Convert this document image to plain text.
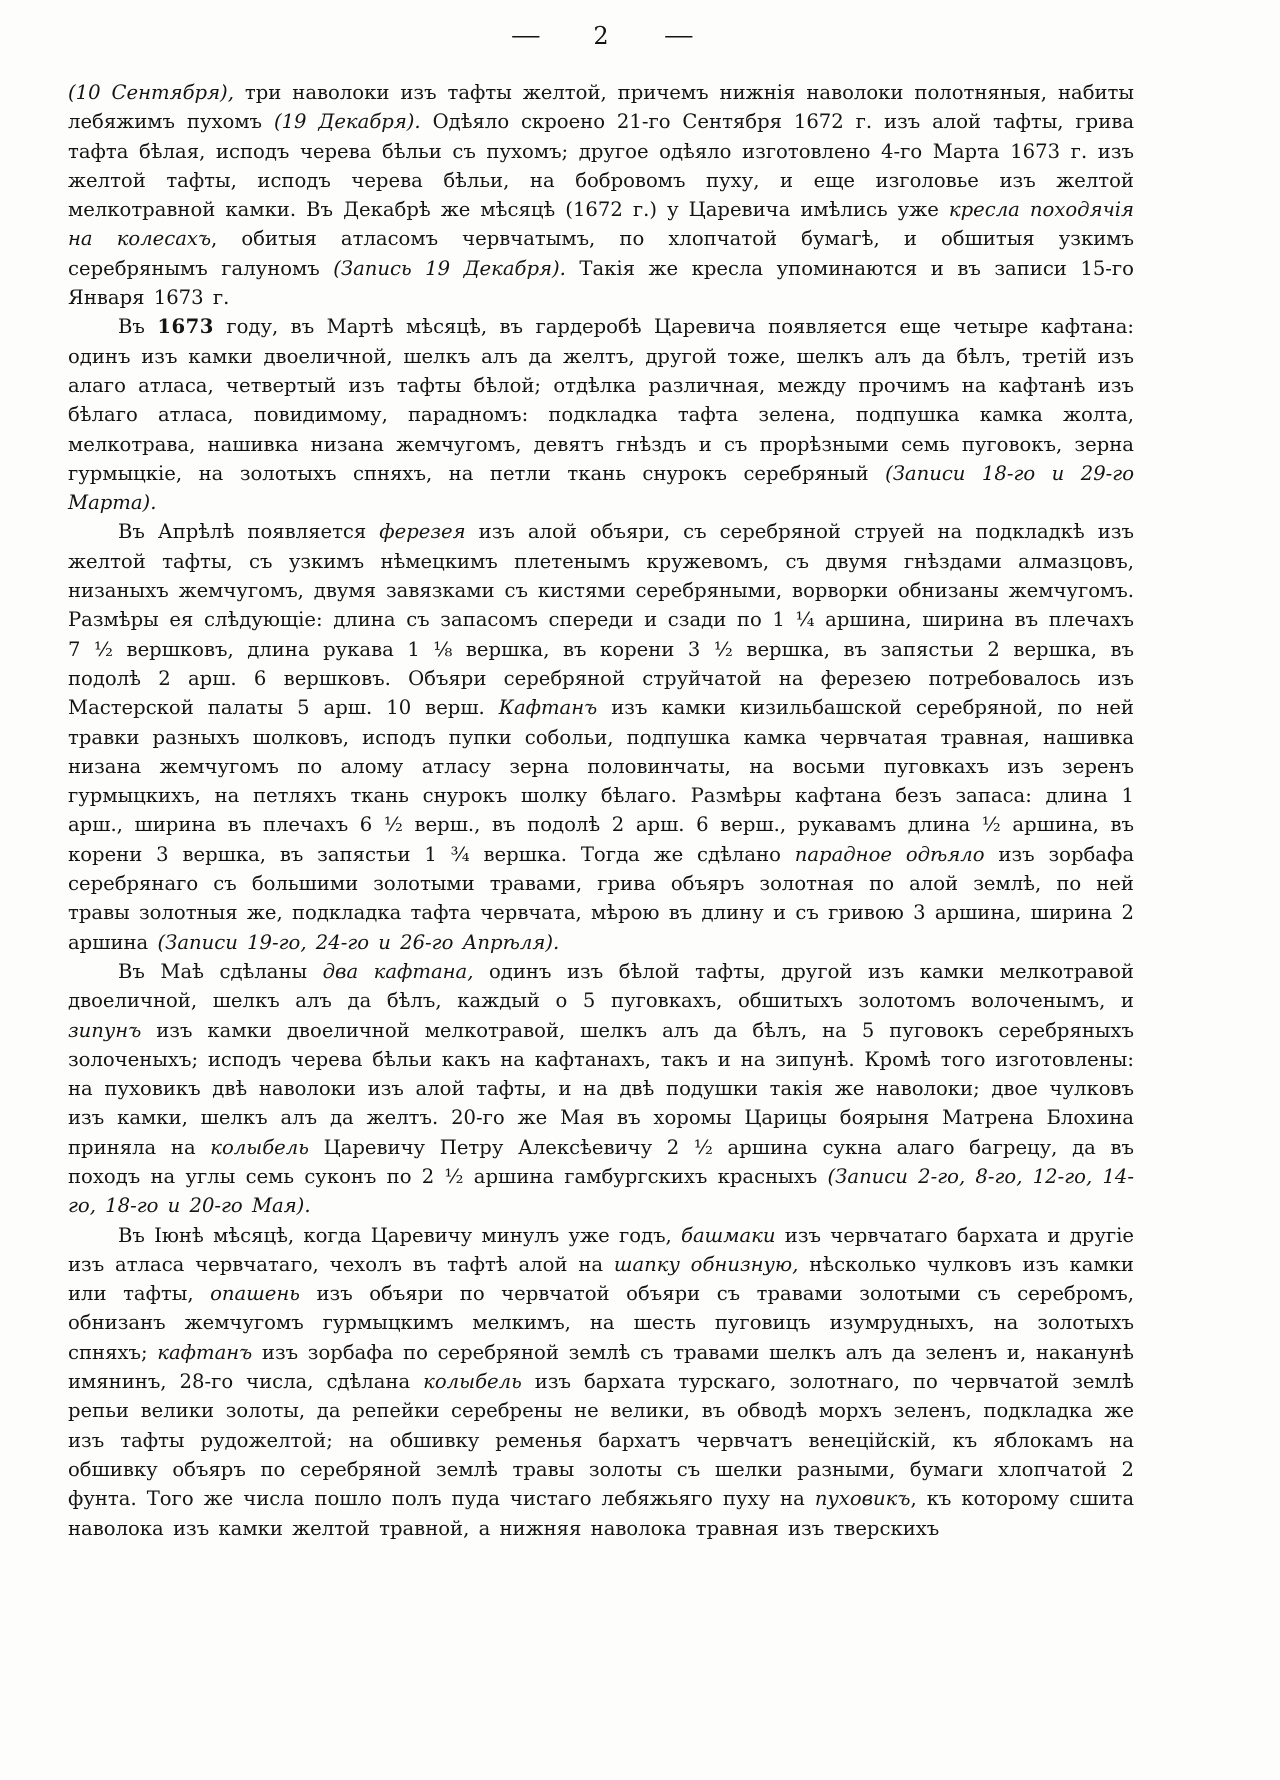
— 2 —

(10 Сентября), три наволоки изъ тафты желтой, причемъ нижнія наволоки полотняныя, набиты лебяжимъ пухомъ (19 Декабря). Одѣяло скроено 21-го Сентября 1672 г. изъ алой тафты, грива тафта бѣлая, исподъ черева бѣльи съ пухомъ; другое одѣяло изготовлено 4-го Марта 1673 г. изъ желтой тафты, исподъ черева бѣльи, на бобровомъ пуху, и еще изголовье изъ желтой мелкотравной камки. Въ Декабрѣ же мѣсяцѣ (1672 г.) у Царевича имѣлись уже кресла походячія на колесахъ, обитыя атласомъ червчатымъ, по хлопчатой бумагѣ, и обшитыя узкимъ серебрянымъ галуномъ (Запись 19 Декабря). Такія же кресла упоминаются и въ записи 15-го Января 1673 г.

Въ 1673 году, въ Мартѣ мѣсяцѣ, въ гардеробѣ Царевича появляется еще четыре кафтана: одинъ изъ камки двоеличной, шелкъ алъ да желтъ, другой тоже, шелкъ алъ да бѣлъ, третій изъ алаго атласа, четвертый изъ тафты бѣлой; отдѣлка различная, между прочимъ на кафтанѣ изъ бѣлаго атласа, повидимому, парадномъ: подкладка тафта зелена, подпушка камка жолта, мелкотрава, нашивка низана жемчугомъ, девятъ гнѣздъ и съ прорѣзными семь пуговокъ, зерна гурмыцкіе, на золотыхъ спняхъ, на петли ткань снурокъ серебряный (Записи 18-го и 29-го Марта).

Въ Апрѣлѣ появляется ферезея изъ алой объяри, съ серебряной струей на подкладкѣ изъ желтой тафты, съ узкимъ нѣмецкимъ плетенымъ кружевомъ, съ двумя гнѣздами алмазцовъ, низаныхъ жемчугомъ, двумя завязками съ кистями серебряными, ворворки обнизаны жемчугомъ. Размѣры ея слѣдующіе: длина съ запасомъ спереди и сзади по 1 ¼ аршина, ширина въ плечахъ 7 ½ вершковъ, длина рукава 1 ⅛ вершка, въ корени 3 ½ вершка, въ запястьи 2 вершка, въ подолѣ 2 арш. 6 вершковъ. Объяри серебряной струйчатой на ферезею потребовалось изъ Мастерской палаты 5 арш. 10 верш. Кафтанъ изъ камки кизильбашской серебряной, по ней травки разныхъ шолковъ, исподъ пупки собольи, подпушка камка червчатая травная, нашивка низана жемчугомъ по алому атласу зерна половинчаты, на восьми пуговкахъ изъ зеренъ гурмыцкихъ, на петляхъ ткань снурокъ шолку бѣлаго. Размѣры кафтана безъ запаса: длина 1 арш., ширина въ плечахъ 6 ½ верш., въ подолѣ 2 арш. 6 верш., рукавамъ длина ½ аршина, въ корени 3 вершка, въ запястьи 1 ¾ вершка. Тогда же сдѣлано парадное одѣяло изъ зорбафа серебрянаго съ большими золотыми травами, грива объяръ золотная по алой землѣ, по ней травы золотныя же, подкладка тафта червчата, мѣрою въ длину и съ гривою 3 аршина, ширина 2 аршина (Записи 19-го, 24-го и 26-го Апрѣля).

Въ Маѣ сдѣланы два кафтана, одинъ изъ бѣлой тафты, другой изъ камки мелкотравой двоеличной, шелкъ алъ да бѣлъ, каждый о 5 пуговкахъ, обшитыхъ золотомъ волоченымъ, и зипунъ изъ камки двоеличной мелкотравой, шелкъ алъ да бѣлъ, на 5 пуговокъ серебряныхъ золоченыхъ; исподъ черева бѣльи какъ на кафтанахъ, такъ и на зипунѣ. Кромѣ того изготовлены: на пуховикъ двѣ наволоки изъ алой тафты, и на двѣ подушки такія же наволоки; двое чулковъ изъ камки, шелкъ алъ да желтъ. 20-го же Мая въ хоромы Царицы боярыня Матрена Блохина приняла на колыбель Царевичу Петру Алексѣевичу 2 ½ аршина сукна алаго багрецу, да въ походъ на углы семь суконъ по 2 ½ аршина гамбургскихъ красныхъ (Записи 2-го, 8-го, 12-го, 14-го, 18-го и 20-го Мая).

Въ Іюнѣ мѣсяцѣ, когда Царевичу минулъ уже годъ, башмаки изъ червчатаго бархата и другіе изъ атласа червчатаго, чехолъ въ тафтѣ алой на шапку обнизную, нѣсколько чулковъ изъ камки или тафты, опашень изъ объяри по червчатой объяри съ травами золотыми съ серебромъ, обнизанъ жемчугомъ гурмыцкимъ мелкимъ, на шесть пуговицъ изумрудныхъ, на золотыхъ спняхъ; кафтанъ изъ зорбафа по серебряной землѣ съ травами шелкъ алъ да зеленъ и, наканунѣ имянинъ, 28-го числа, сдѣлана колыбель изъ бархата турскаго, золотнаго, по червчатой землѣ репьи велики золоты, да репейки серебрены не велики, въ обводѣ морхъ зеленъ, подкладка же изъ тафты рудожелтой; на обшивку ременья бархатъ червчатъ венеційскій, къ яблокамъ на обшивку объяръ по серебряной землѣ травы золоты съ шелки разными, бумаги хлопчатой 2 фунта. Того же числа пошло полъ пуда чистаго лебяжьяго пуху на пуховикъ, къ которому сшита наволока изъ камки желтой травной, а нижняя наволока травная изъ тверскихъ
